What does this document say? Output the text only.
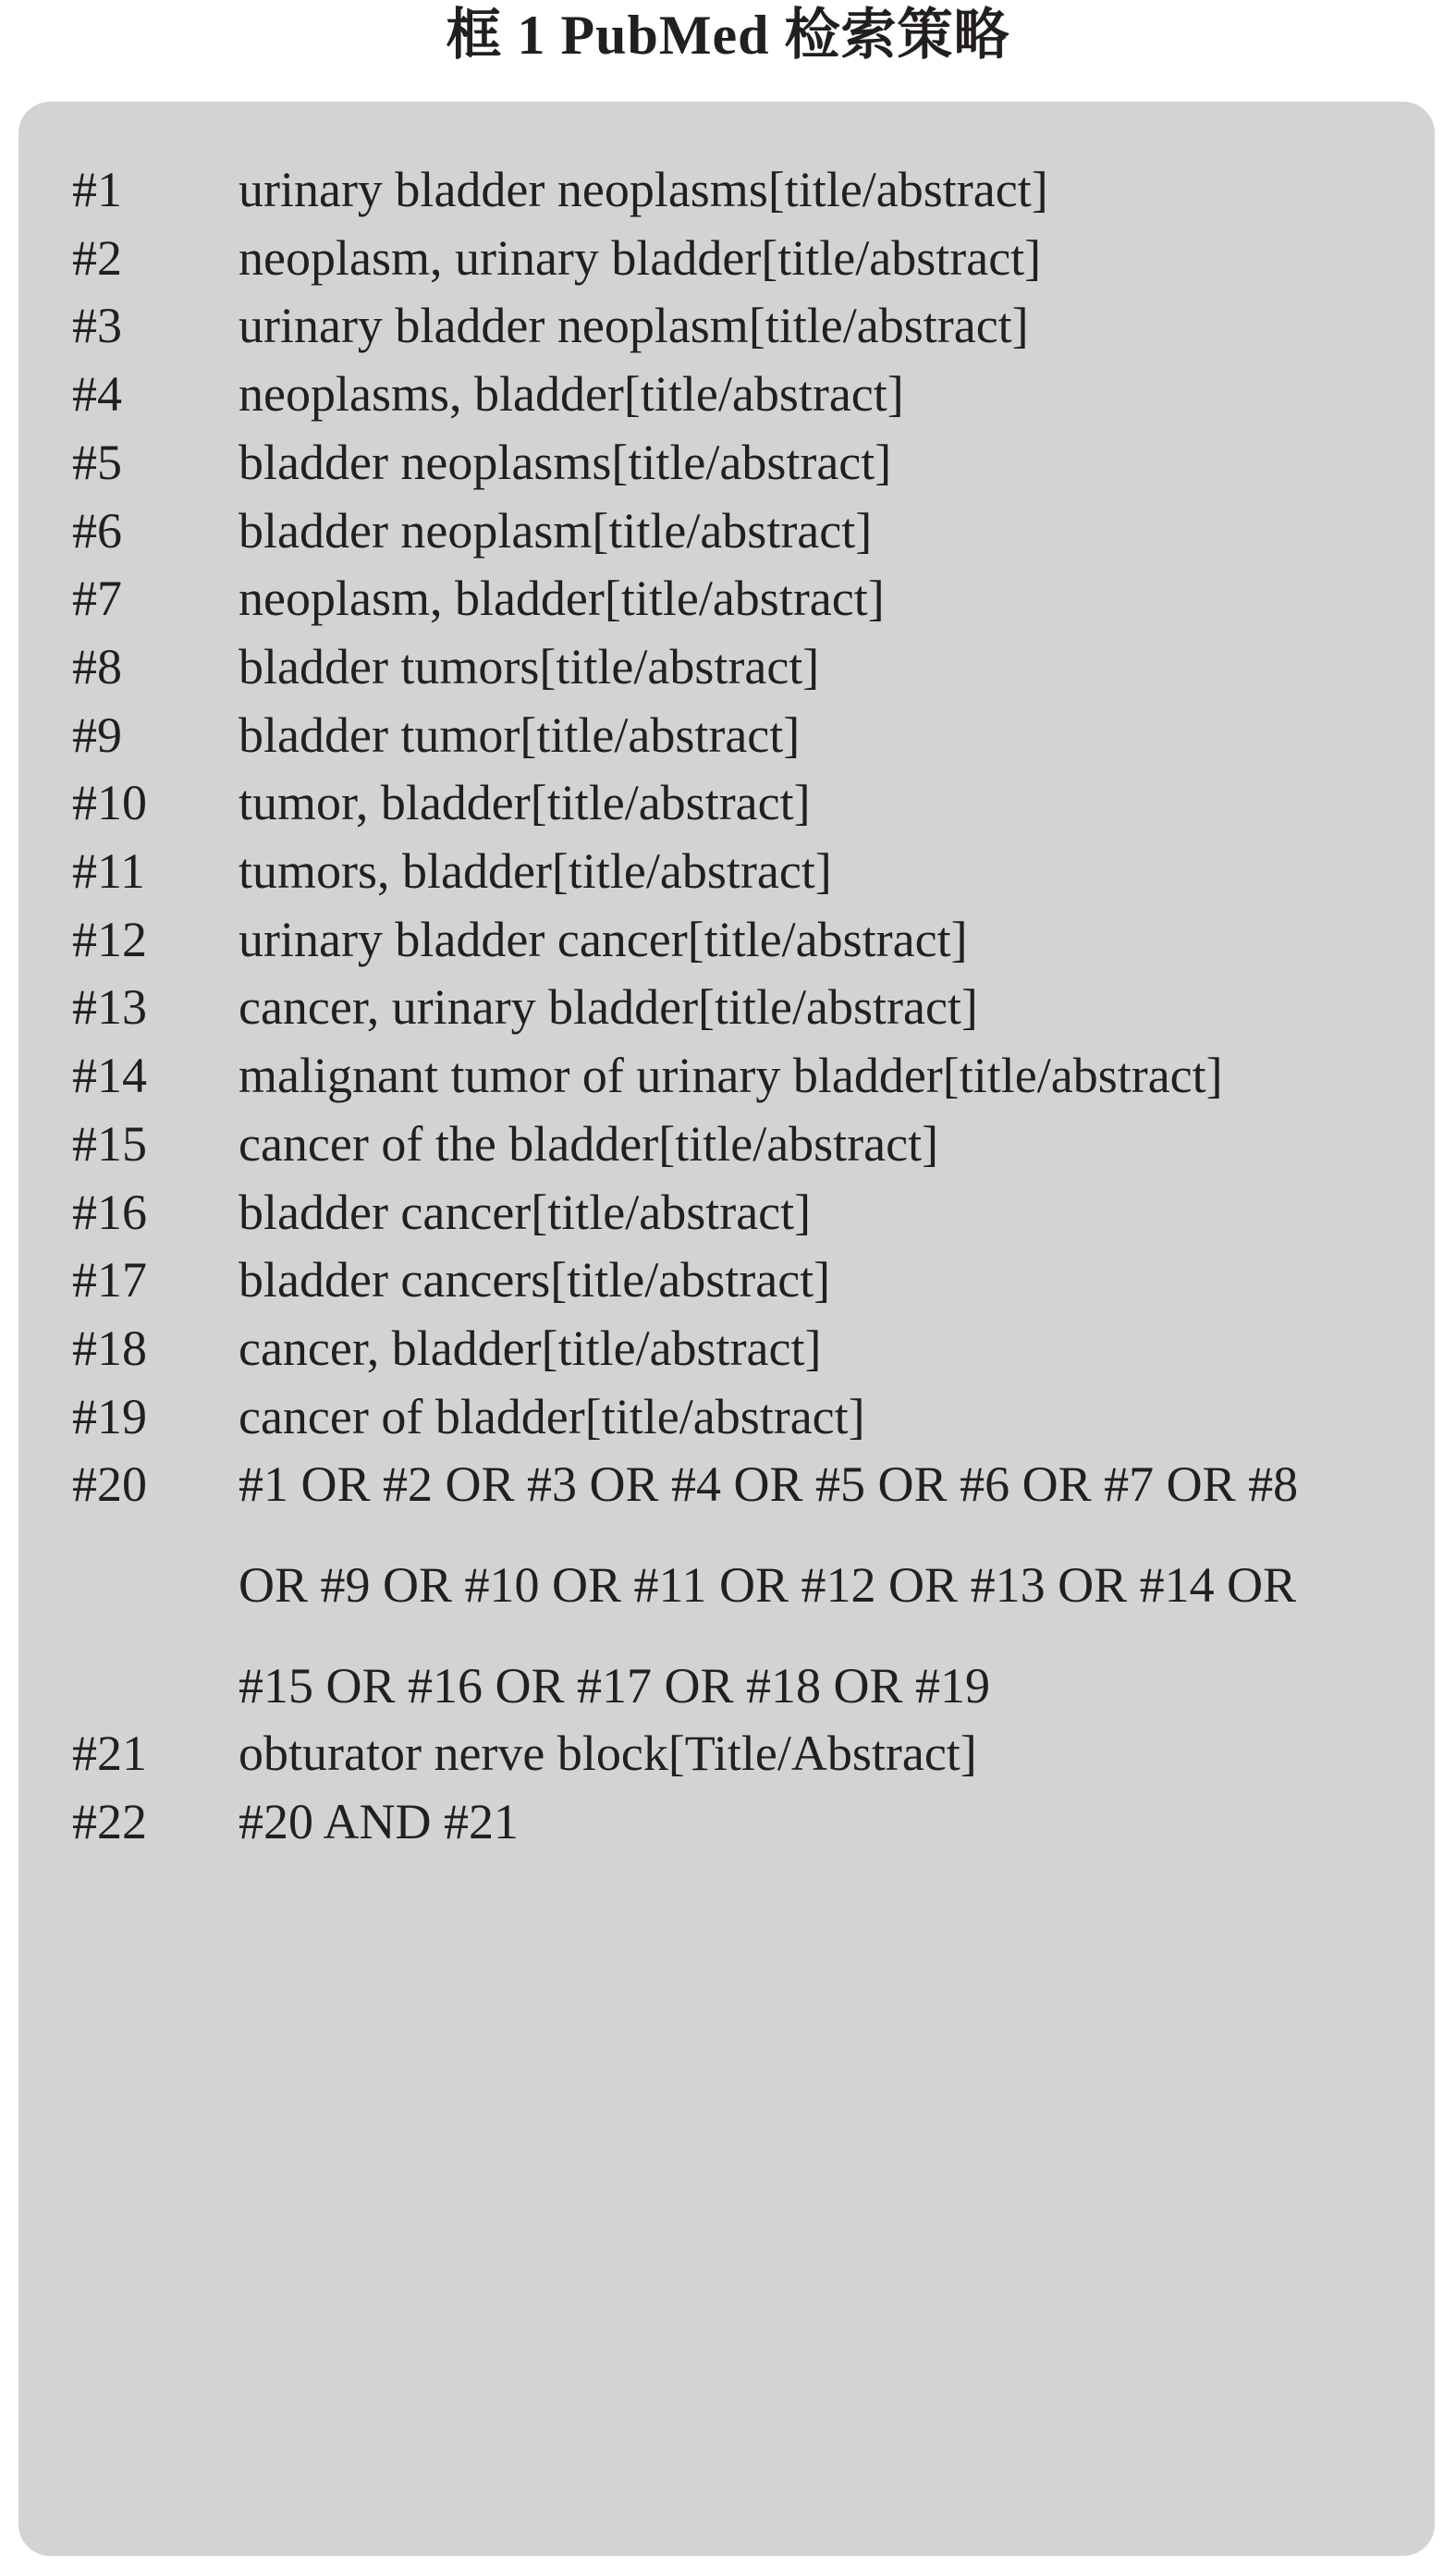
框 1 PubMed 检索策略
#1	urinary bladder neoplasms[title/abstract]
#2	neoplasm, urinary bladder[title/abstract]
#3	urinary bladder neoplasm[title/abstract]
#4	neoplasms, bladder[title/abstract]
#5	bladder neoplasms[title/abstract]
#6	bladder neoplasm[title/abstract]
#7	neoplasm, bladder[title/abstract]
#8	bladder tumors[title/abstract]
#9	bladder tumor[title/abstract]
#10	tumor, bladder[title/abstract]
#11	tumors, bladder[title/abstract]
#12	urinary bladder cancer[title/abstract]
#13	cancer, urinary bladder[title/abstract]
#14	malignant tumor of urinary bladder[title/abstract]
#15	cancer of the bladder[title/abstract]
#16	bladder cancer[title/abstract]
#17	bladder cancers[title/abstract]
#18	cancer, bladder[title/abstract]
#19	cancer of bladder[title/abstract]
#20	#1 OR #2 OR #3 OR #4 OR #5 OR #6 OR #7 OR #8
OR #9 OR #10 OR #11 OR #12 OR #13 OR #14 OR
#15 OR #16 OR #17 OR #18 OR #19
#21	obturator nerve block[Title/Abstract]
#22	#20 AND #21
